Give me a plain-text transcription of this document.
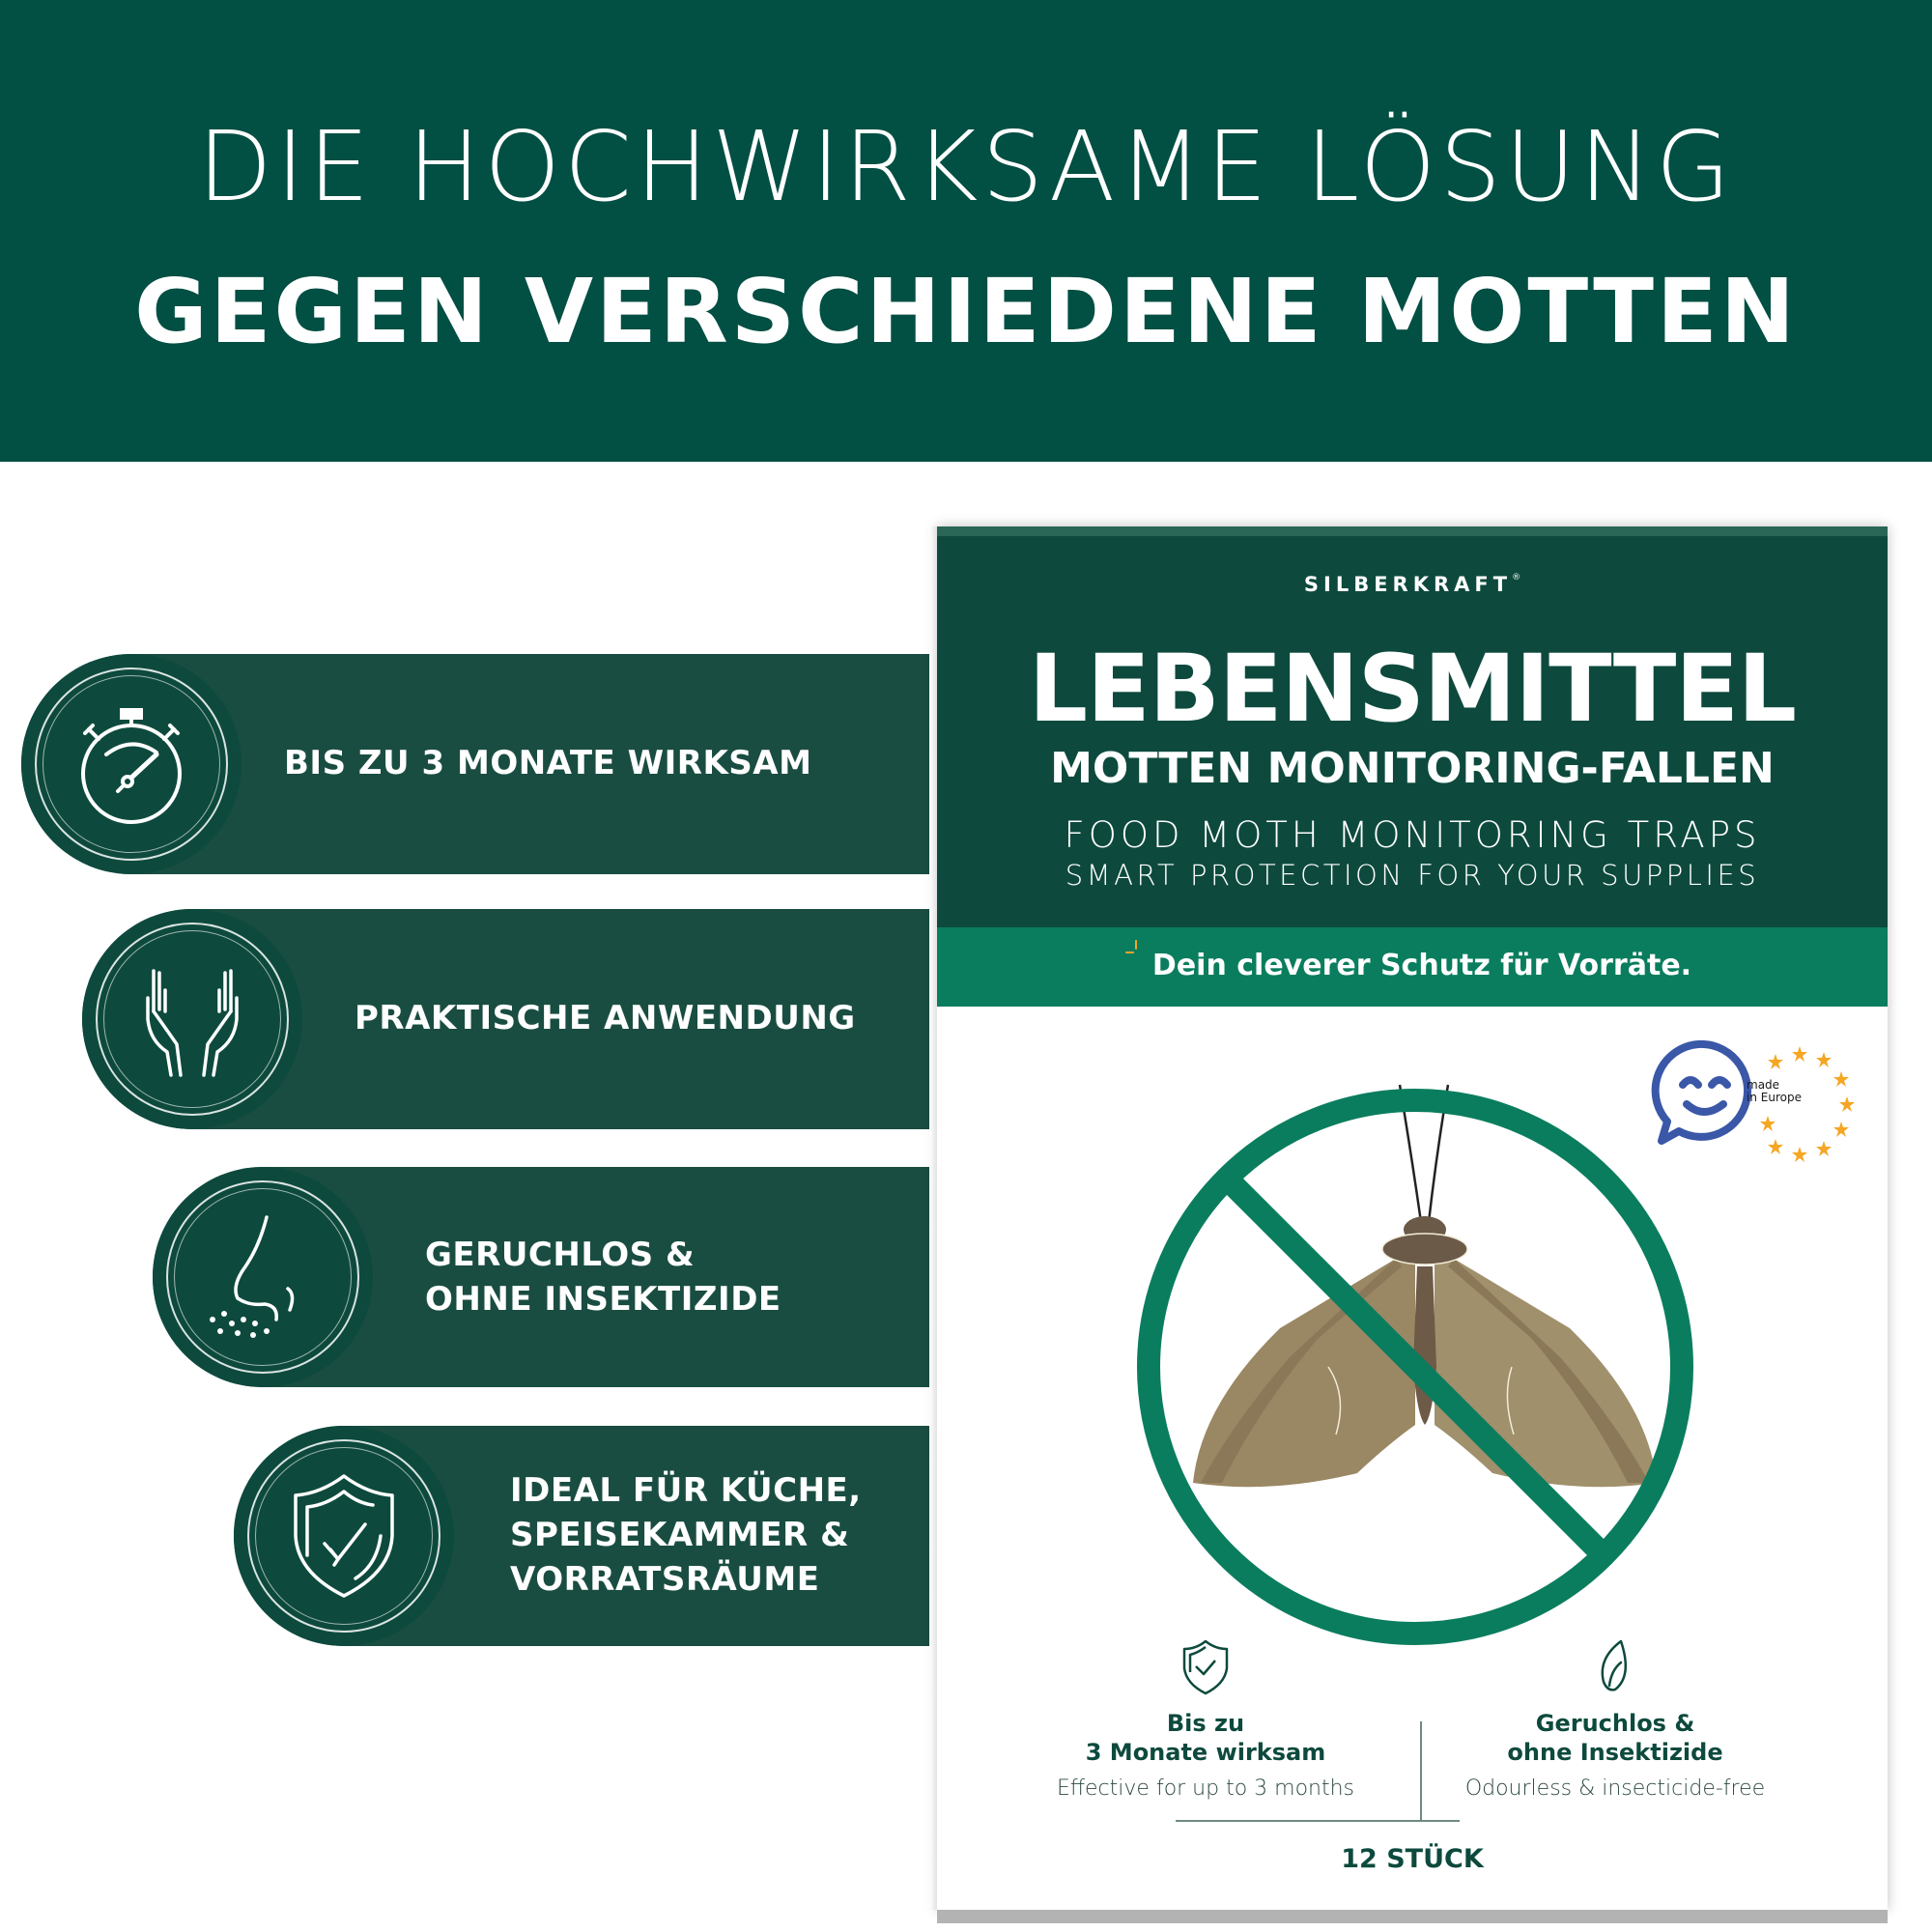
DIE HOCHWIRKSAME LÖSUNG
GEGEN VERSCHIEDENE MOTTEN
BIS ZU 3 MONATE WIRKSAM
PRAKTISCHE ANWENDUNG
GERUCHLOS &
OHNE INSEKTIZIDE
IDEAL FÜR KÜCHE,
SPEISEKAMMER &
VORRATSRÄUME
SILBERKRAFT®
LEBENSMITTEL
MOTTEN MONITORING-FALLEN
FOOD MOTH MONITORING TRAPS
SMART PROTECTION FOR YOUR SUPPLIES
Dein cleverer Schutz für Vorräte.
made
in Europe
Bis zu
3 Monate wirksam
Effective for up to 3 months
Geruchlos &
ohne Insektizide
Odourless & insecticide-free
12 STÜCK
